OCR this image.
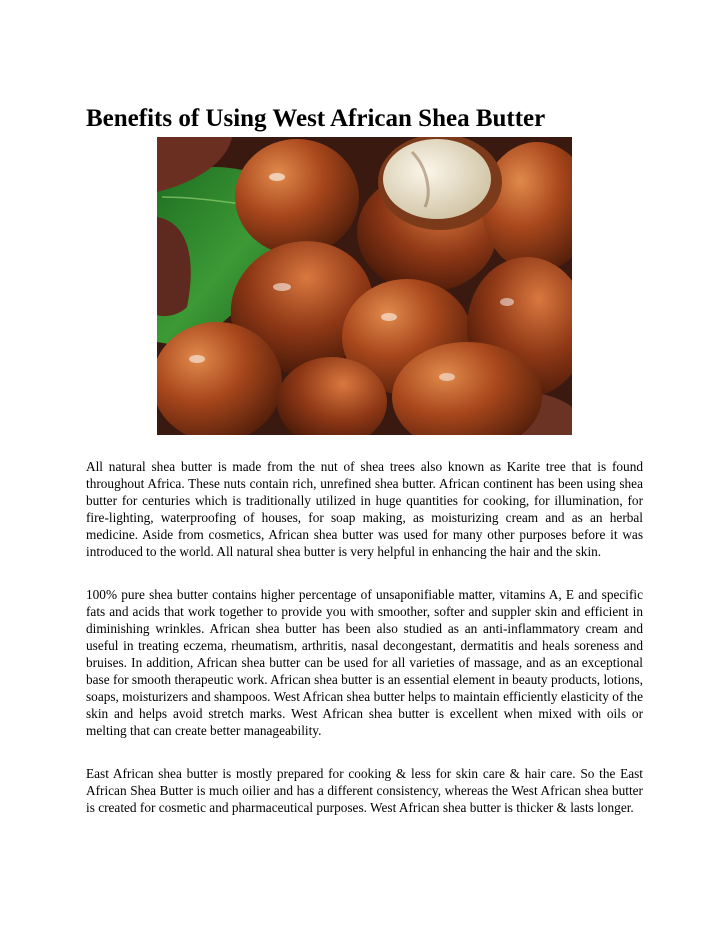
Benefits of Using West African Shea Butter

All natural shea butter is made from the nut of shea trees also known as Karite tree that is found throughout Africa. These nuts contain rich, unrefined shea butter. African continent has been using shea butter for centuries which is traditionally utilized in huge quantities for cooking, for illumination, for fire-lighting, waterproofing of houses, for soap making, as moisturizing cream and as an herbal medicine. Aside from cosmetics, African shea butter was used for many other purposes before it was introduced to the world. All natural shea butter is very helpful in enhancing the hair and the skin.

100% pure shea butter contains higher percentage of unsaponifiable matter, vitamins A, E and specific fats and acids that work together to provide you with smoother, softer and suppler skin and efficient in diminishing wrinkles. African shea butter has been also studied as an anti-inflammatory cream and useful in treating eczema, rheumatism, arthritis, nasal decongestant, dermatitis and heals soreness and bruises. In addition, African shea butter can be used for all varieties of massage, and as an exceptional base for smooth therapeutic work. African shea butter is an essential element in beauty products, lotions, soaps, moisturizers and shampoos. West African shea butter helps to maintain efficiently elasticity of the skin and helps avoid stretch marks. West African shea butter is excellent when mixed with oils or melting that can create better manageability.

East African shea butter is mostly prepared for cooking & less for skin care & hair care. So the East African Shea Butter is much oilier and has a different consistency, whereas the West African shea butter is created for cosmetic and pharmaceutical purposes. West African shea butter is thicker & lasts longer.
